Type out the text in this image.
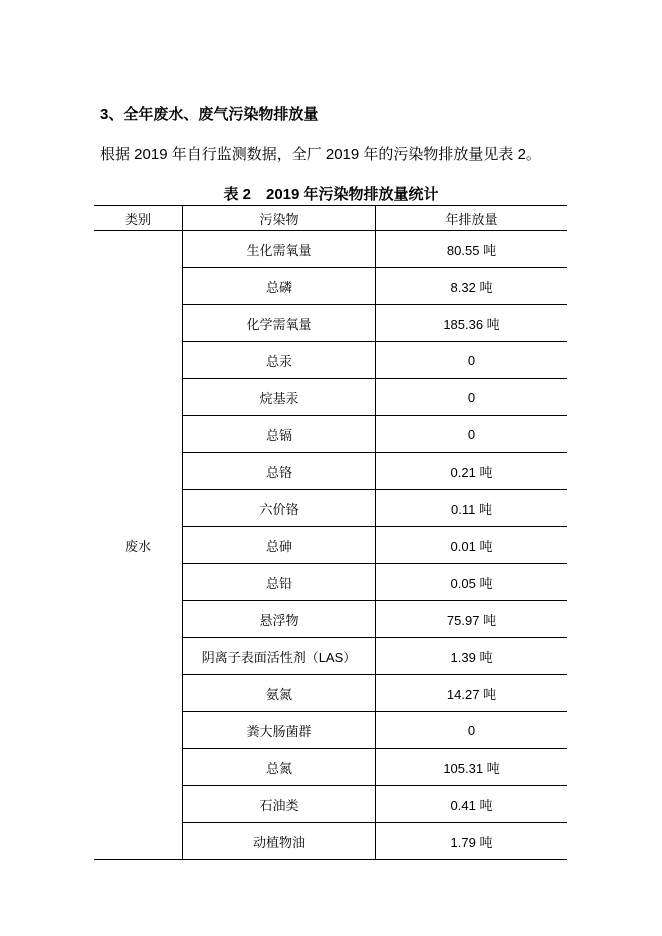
3、全年废水、废气污染物排放量
根据 2019 年自行监测数据，全厂 2019 年的污染物排放量见表 2。
表 2　2019 年污染物排放量统计
类别	污染物	年排放量
废水	生化需氧量	80.55 吨
	总磷	8.32 吨
	化学需氧量	185.36 吨
	总汞	0
	烷基汞	0
	总镉	0
	总铬	0.21 吨
	六价铬	0.11 吨
	总砷	0.01 吨
	总铅	0.05 吨
	悬浮物	75.97 吨
	阴离子表面活性剂（LAS）	1.39 吨
	氨氮	14.27 吨
	粪大肠菌群	0
	总氮	105.31 吨
	石油类	0.41 吨
	动植物油	1.79 吨
